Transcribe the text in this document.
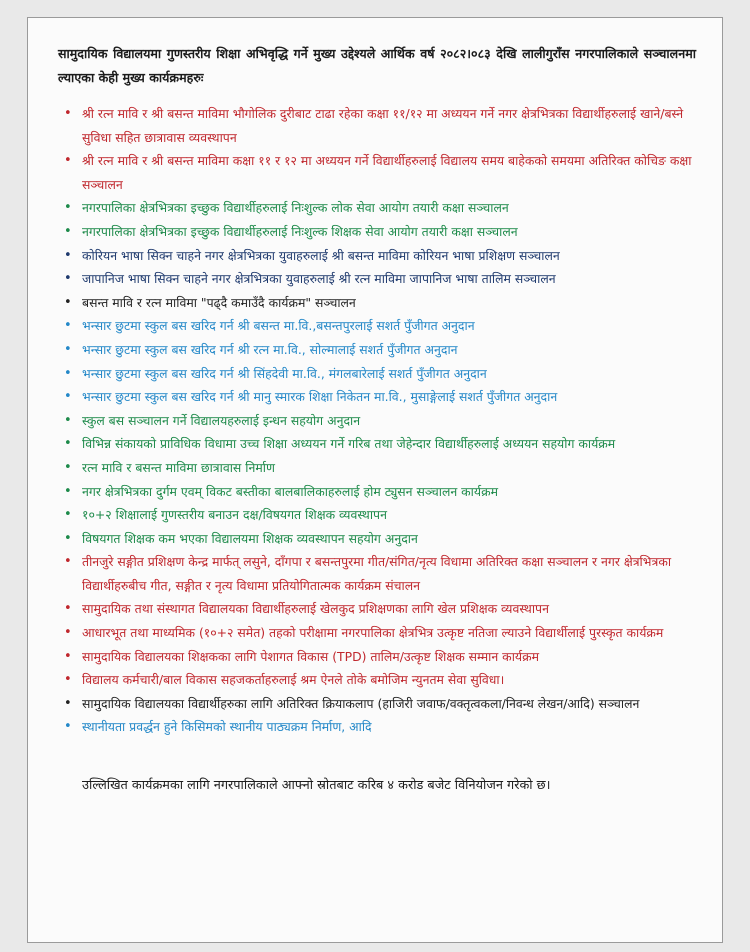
सामुदायिक विद्यालयमा गुणस्तरीय शिक्षा अभिवृद्धि गर्ने मुख्य उद्देश्यले आर्थिक वर्ष २०८२।०८३ देखि लालीगुराँस नगरपालिकाले सञ्चालनमा ल्याएका केही मुख्य कार्यक्रमहरुः

• श्री रत्न मावि र श्री बसन्त माविमा भौगोलिक दुरीबाट टाढा रहेका कक्षा ११/१२ मा अध्ययन गर्ने नगर क्षेत्रभित्रका विद्यार्थीहरुलाई खाने/बस्ने सुविधा सहित छात्रावास व्यवस्थापन
• श्री रत्न मावि र श्री बसन्त माविमा कक्षा ११ र १२ मा अध्ययन गर्ने विद्यार्थीहरुलाई विद्यालय समय बाहेकको समयमा अतिरिक्त कोचिङ कक्षा सञ्चालन
• नगरपालिका क्षेत्रभित्रका इच्छुक विद्यार्थीहरुलाई निःशुल्क लोक सेवा आयोग तयारी कक्षा सञ्चालन
• नगरपालिका क्षेत्रभित्रका इच्छुक विद्यार्थीहरुलाई निःशुल्क शिक्षक सेवा आयोग तयारी कक्षा सञ्चालन
• कोरियन भाषा सिक्न चाहने नगर क्षेत्रभित्रका युवाहरुलाई श्री बसन्त माविमा कोरियन भाषा प्रशिक्षण सञ्चालन
• जापानिज भाषा सिक्न चाहने नगर क्षेत्रभित्रका युवाहरुलाई श्री रत्न माविमा जापानिज भाषा तालिम सञ्चालन
• बसन्त मावि र रत्न माविमा "पढ्दै कमाउँदै कार्यक्रम" सञ्चालन
• भन्सार छुटमा स्कुल बस खरिद गर्न श्री बसन्त मा.वि.,बसन्तपुरलाई सशर्त पुँजीगत अनुदान
• भन्सार छुटमा स्कुल बस खरिद गर्न श्री रत्न मा.वि., सोल्मालाई सशर्त पुँजीगत अनुदान
• भन्सार छुटमा स्कुल बस खरिद गर्न श्री सिंहदेवी मा.वि., मंगलबारेलाई सशर्त पुँजीगत अनुदान
• भन्सार छुटमा स्कुल बस खरिद गर्न श्री मानु स्मारक शिक्षा निकेतन मा.वि., मुसाङ्गेलाई सशर्त पुँजीगत अनुदान
• स्कुल बस सञ्चालन गर्ने विद्यालयहरुलाई इन्धन सहयोग अनुदान
• विभिन्न संकायको प्राविधिक विधामा उच्च शिक्षा अध्ययन गर्ने गरिब तथा जेहेन्दार विद्यार्थीहरुलाई अध्ययन सहयोग कार्यक्रम
• रत्न मावि र बसन्त माविमा छात्रावास निर्माण
• नगर क्षेत्रभित्रका दुर्गम एवम् विकट बस्तीका बालबालिकाहरुलाई होम ट्युसन सञ्चालन कार्यक्रम
• १०+२ शिक्षालाई गुणस्तरीय बनाउन दक्ष/विषयगत शिक्षक व्यवस्थापन
• विषयगत शिक्षक कम भएका विद्यालयमा शिक्षक व्यवस्थापन सहयोग अनुदान
• तीनजुरे सङ्गीत प्रशिक्षण केन्द्र मार्फत् लसुने, दाँगपा र बसन्तपुरमा गीत/संगित/नृत्य विधामा अतिरिक्त कक्षा सञ्चालन र नगर क्षेत्रभित्रका विद्यार्थीहरुबीच गीत, सङ्गीत र नृत्य विधामा प्रतियोगितात्मक कार्यक्रम संचालन
• सामुदायिक तथा संस्थागत विद्यालयका विद्यार्थीहरुलाई खेलकुद प्रशिक्षणका लागि खेल प्रशिक्षक व्यवस्थापन
• आधारभूत तथा माध्यमिक (१०+२ समेत) तहको परीक्षामा नगरपालिका क्षेत्रभित्र उत्कृष्ट नतिजा ल्याउने विद्यार्थीलाई पुरस्कृत कार्यक्रम
• सामुदायिक विद्यालयका शिक्षकका लागि पेशागत विकास (TPD) तालिम/उत्कृष्ट शिक्षक सम्मान कार्यक्रम
• विद्यालय कर्मचारी/बाल विकास सहजकर्ताहरुलाई श्रम ऐनले तोके बमोजिम न्युनतम सेवा सुविधा।
• सामुदायिक विद्यालयका विद्यार्थीहरुका लागि अतिरिक्त क्रियाकलाप (हाजिरी जवाफ/वक्तृत्वकला/निवन्ध लेखन/आदि) सञ्चालन
• स्थानीयता प्रवर्द्धन हुने किसिमको स्थानीय पाठ्यक्रम निर्माण, आदि

उल्लिखित कार्यक्रमका लागि नगरपालिकाले आफ्नो स्रोतबाट करिब ४ करोड बजेट विनियोजन गरेको छ।
